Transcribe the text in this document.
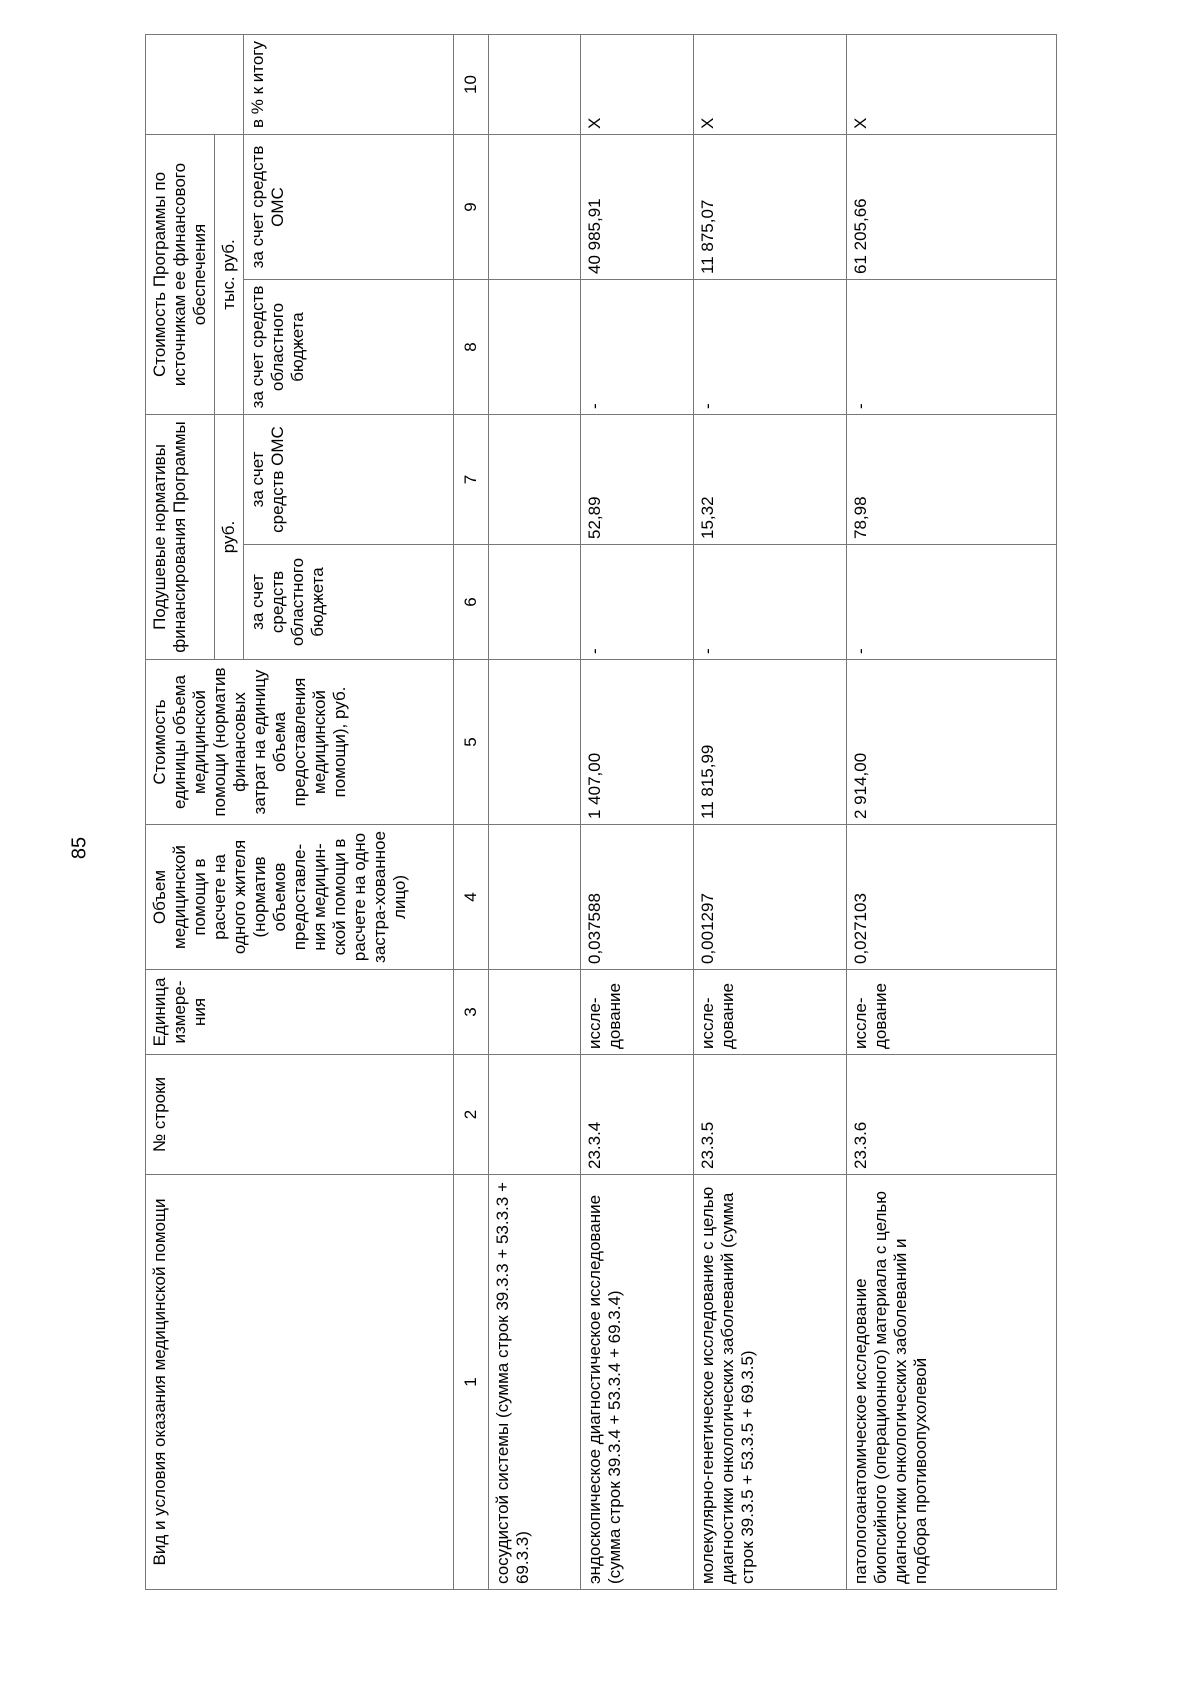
85
Вид и условия оказания медицинской помощи	№ строки	Единица измере-ния	Объем медицинской помощи в расчете на одного жителя (норматив объемов предоставле-ния медицин-ской помощи в расчете на одно застра-хованное лицо)	Стоимость единицы объема медицинской помощи (норматив финансовых затрат на единицу объема предоставления медицинской помощи), руб.	Подушевые нормативы финансирования Программы		Стоимость Программы по источникам ее финансового обеспечения		
					руб.		тыс. руб.		
					за счет средств областного бюджета	за счет средств ОМС	за счет средств областного бюджета	за счет средств ОМС	в % к итогу
1	2	3	4	5	6	7	8	9	10
сосудистой системы (сумма строк 39.3.3 + 53.3.3 + 69.3.3)									
эндоскопическое диагностическое исследование (сумма строк 39.3.4 + 53.3.4 + 69.3.4)	23.3.4	иссле-дование	0,037588	1 407,00	-	52,89	-	40 985,91	Х
молекулярно-генетическое исследование с целью диагностики онкологических заболеваний (сумма строк 39.3.5 + 53.3.5 + 69.3.5)	23.3.5	иссле-дование	0,001297	11 815,99	-	15,32	-	11 875,07	Х
патологоанатомическое исследование биопсийного (операционного) материала с целью диагностики онкологических заболеваний и подбора противоопухолевой	23.3.6	иссле-дование	0,027103	2 914,00	-	78,98	-	61 205,66	Х
